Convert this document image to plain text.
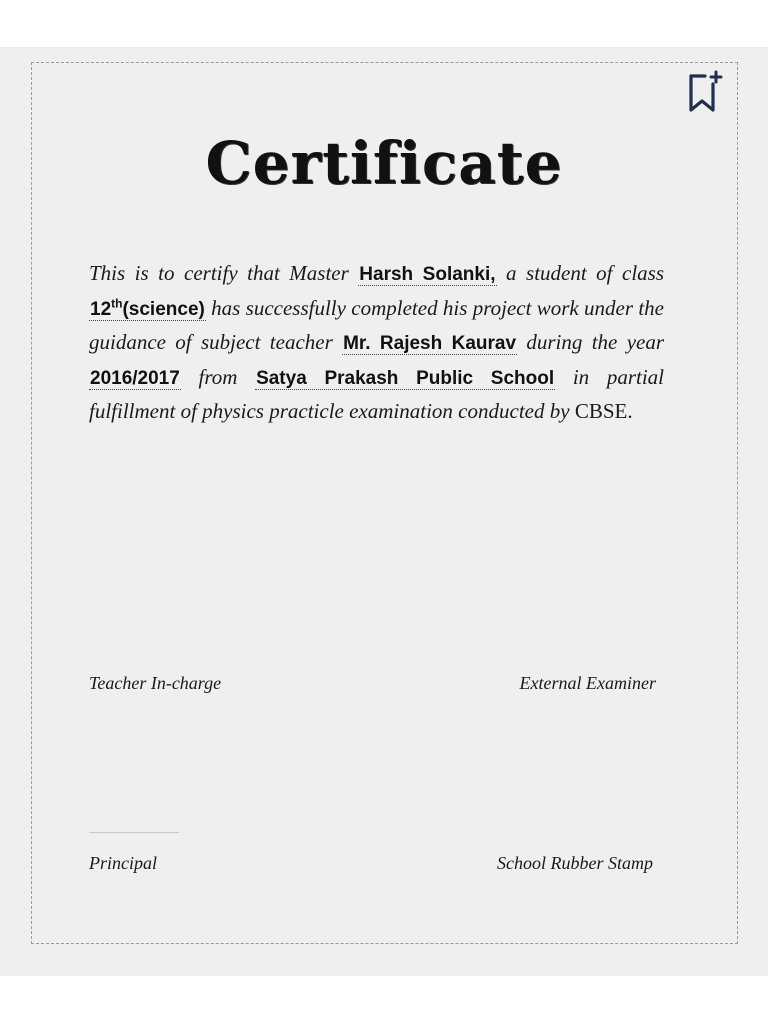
Certificate
This is to certify that Master Harsh Solanki, a student of class 12th(science) has successfully completed his project work under the guidance of subject teacher Mr. Rajesh Kaurav during the year 2016/2017 from Satya Prakash Public School in partial fulfillment of physics practicle examination conducted by CBSE.
Teacher In-charge	External Examiner
Principal	School Rubber Stamp
